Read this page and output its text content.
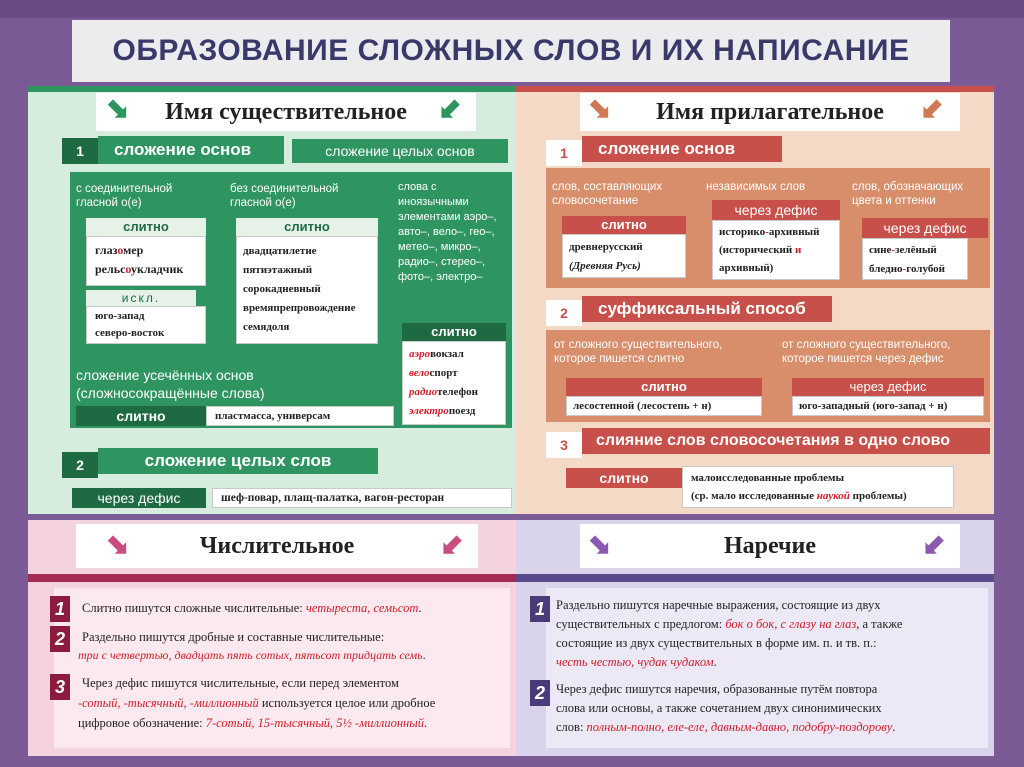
ОБРАЗОВАНИЕ СЛОЖНЫХ СЛОВ И ИХ НАПИСАНИЕ
Имя существительное
⬊	⬋
1	сложение основ	сложение целых основ
с соединительной гласной о(е)
слитно
глазомер
рельсоукладчик
искл.
юго-запад
северо-восток
без соединительной гласной о(е)
слитно
двадцатилетие
пятиэтажный
сорокадневный
времяпрепровождение
семядоля
слова с иноязычными элементами аэро–, авто–, вело–, гео–, метео–, микро–, радио–, стерео–, фото–, электро–
слитно
аэровокзал
велоспорт
радиотелефон
электропоезд
сложение усечённых основ (сложносокращённые слова)
слитно	пластмасса, универсам
2	сложение целых слов
через дефис	шеф-повар, плащ-палатка, вагон-ресторан
Имя прилагательное
⬊	⬋
1	сложение основ
слов, составляющих словосочетание
слитно
древнерусский
(Древняя Русь)
независимых слов
через дефис
историко-архивный
(исторический и
архивный)
слов, обозначающих цвета и оттенки
через дефис
сине-зелёный
бледно-голубой
2	суффиксальный способ
от сложного существительного, которое пишется слитно
слитно
лесостепной (лесостепь + н)
от сложного существительного, которое пишется через дефис
через дефис
юго-западный (юго-запад + н)
3	слияние слов словосочетания в одно слово
слитно	малоисследованные проблемы
(ср. мало исследованные наукой проблемы)
Числительное
⬊	⬋
1	Слитно пишутся сложные числительные: четыреста, семьсот.
2	Раздельно пишутся дробные и составные числительные:
три с четвертью, двадцать пять сотых, пятьсот тридцать семь.
3	Через дефис пишутся числительные, если перед элементом
-сотый, -тысячный, -миллионный используется целое или дробное
цифровое обозначение: 7-сотый, 15-тысячный, 5½ -миллионный.
Наречие
⬊	⬋
1 Раздельно пишутся наречные выражения, состоящие из двух
существительных с предлогом: бок о бок, с глазу на глаз, а также
состоящие из двух существительных в форме им. п. и тв. п.:
честь честью, чудак чудаком.
2 Через дефис пишутся наречия, образованные путём повтора
слова или основы, а также сочетанием двух синонимических
слов: полным-полно, еле-еле, давным-давно, подобру-поздорову.
